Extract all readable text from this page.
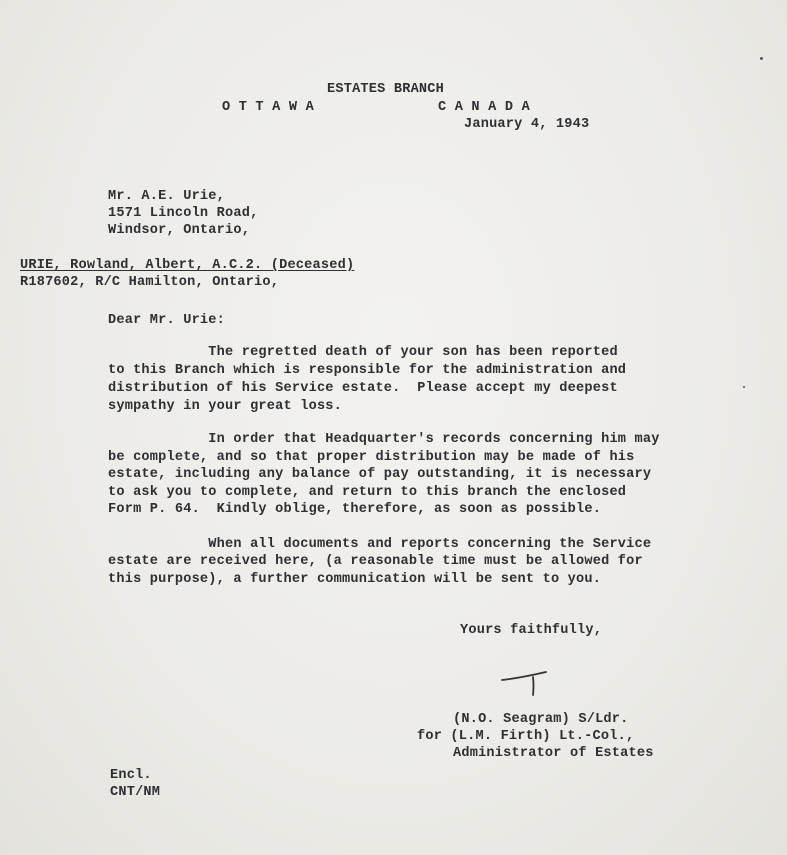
ESTATES BRANCH
O T T A W A	C A N A D A
January 4, 1943
Mr. A.E. Urie,
1571 Lincoln Road,
Windsor, Ontario,
URIE, Rowland, Albert, A.C.2. (Deceased)
R187602, R/C Hamilton, Ontario,
Dear Mr. Urie:
The regretted death of your son has been reported
to this Branch which is responsible for the administration and
distribution of his Service estate.  Please accept my deepest
sympathy in your great loss.
In order that Headquarter's records concerning him may
be complete, and so that proper distribution may be made of his
estate, including any balance of pay outstanding, it is necessary
to ask you to complete, and return to this branch the enclosed
Form P. 64.  Kindly oblige, therefore, as soon as possible.
When all documents and reports concerning the Service
estate are received here, (a reasonable time must be allowed for
this purpose), a further communication will be sent to you.
Yours faithfully,
(N.O. Seagram) S/Ldr.
for (L.M. Firth) Lt.-Col.,
Administrator of Estates
Encl.
CNT/NM
